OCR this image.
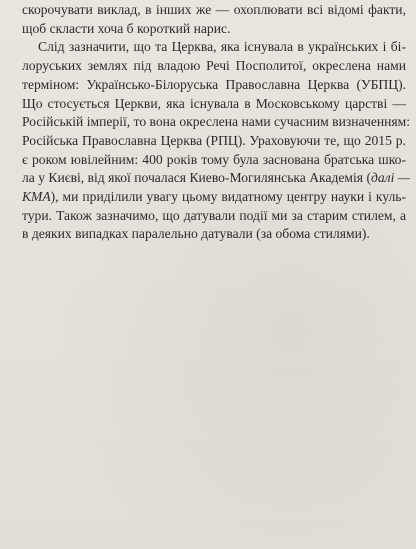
скорочувати виклад, в інших же — охоплювати всі відомі факти,
щоб скласти хоча б короткий нарис.
Слід зазначити, що та Церква, яка існувала в українських і бі-
лоруських землях під владою Речі Посполитої, окреслена нами
терміном: Українсько-Білоруська Православна Церква (УБПЦ).
Що стосується Церкви, яка існувала в Московському царстві —
Російській імперії, то вона окреслена нами сучасним визначенням:
Російська Православна Церква (РПЦ). Ураховуючи те, що 2015 р.
є роком ювілейним: 400 років тому була заснована братська шко-
ла у Києві, від якої почалася Киево-Могилянська Академія (далі —
КМА), ми приділили увагу цьому видатному центру науки і куль-
тури. Також зазначимо, що датували події ми за старим стилем, а
в деяких випадках паралельно датували (за обома стилями).
